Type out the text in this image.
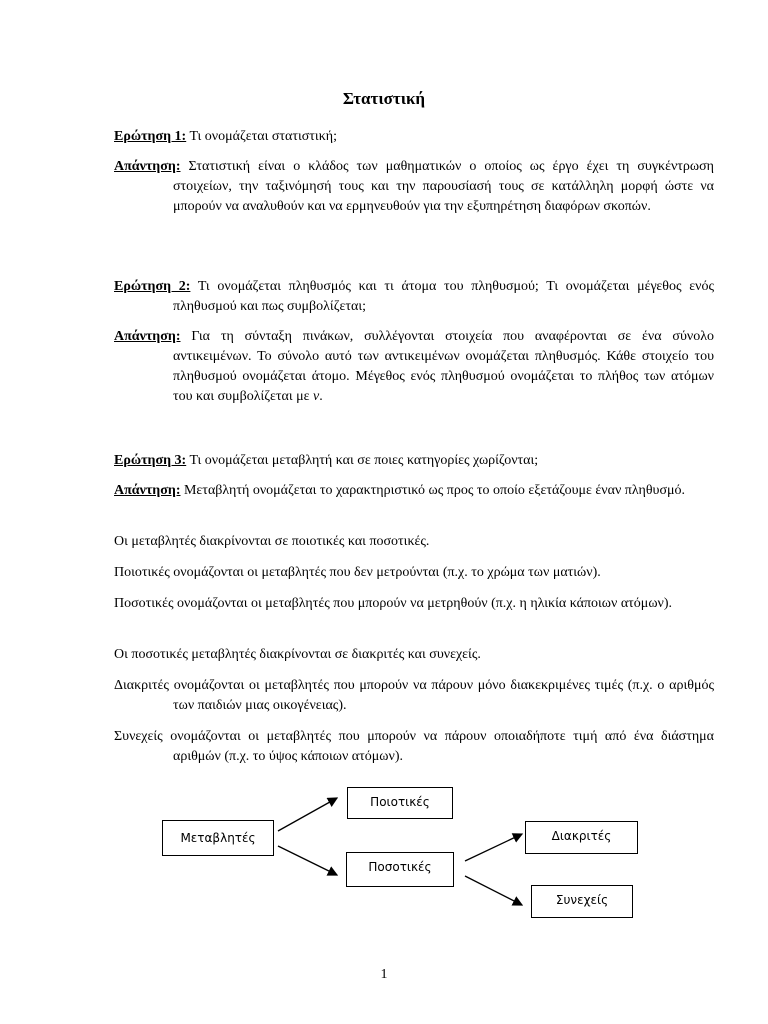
Στατιστική
Ερώτηση 1: Τι ονομάζεται στατιστική;
Απάντηση: Στατιστική είναι ο κλάδος των μαθηματικών ο οποίος ως έργο έχει τη συγκέντρωση στοιχείων, την ταξινόμησή τους και την παρουσίασή τους σε κατάλληλη μορφή ώστε να μπορούν να αναλυθούν και να ερμηνευθούν για την εξυπηρέτηση διαφόρων σκοπών.
Ερώτηση 2: Τι ονομάζεται πληθυσμός και τι άτομα του πληθυσμού; Τι ονομάζεται μέγεθος ενός πληθυσμού και πως συμβολίζεται;
Απάντηση: Για τη σύνταξη πινάκων, συλλέγονται στοιχεία που αναφέρονται σε ένα σύνολο αντικειμένων. Το σύνολο αυτό των αντικειμένων ονομάζεται πληθυσμός. Κάθε στοιχείο του πληθυσμού ονομάζεται άτομο. Μέγεθος ενός πληθυσμού ονομάζεται το πλήθος των ατόμων του και συμβολίζεται με ν.
Ερώτηση 3: Τι ονομάζεται μεταβλητή και σε ποιες κατηγορίες χωρίζονται;
Απάντηση: Μεταβλητή ονομάζεται το χαρακτηριστικό ως προς το οποίο εξετάζουμε έναν πληθυσμό.
Οι μεταβλητές διακρίνονται σε ποιοτικές και ποσοτικές.
Ποιοτικές ονομάζονται οι μεταβλητές που δεν μετρούνται (π.χ. το χρώμα των ματιών).
Ποσοτικές ονομάζονται οι μεταβλητές που μπορούν να μετρηθούν (π.χ. η ηλικία κάποιων ατόμων).
Οι ποσοτικές μεταβλητές διακρίνονται σε διακριτές και συνεχείς.
Διακριτές ονομάζονται οι μεταβλητές που μπορούν να πάρουν μόνο διακεκριμένες τιμές (π.χ. ο αριθμός των παιδιών μιας οικογένειας).
Συνεχείς ονομάζονται οι μεταβλητές που μπορούν να πάρουν οποιαδήποτε τιμή από ένα διάστημα αριθμών (π.χ. το ύψος κάποιων ατόμων).
Μεταβλητές
Ποιοτικές
Ποσοτικές
Διακριτές
Συνεχείς
1
